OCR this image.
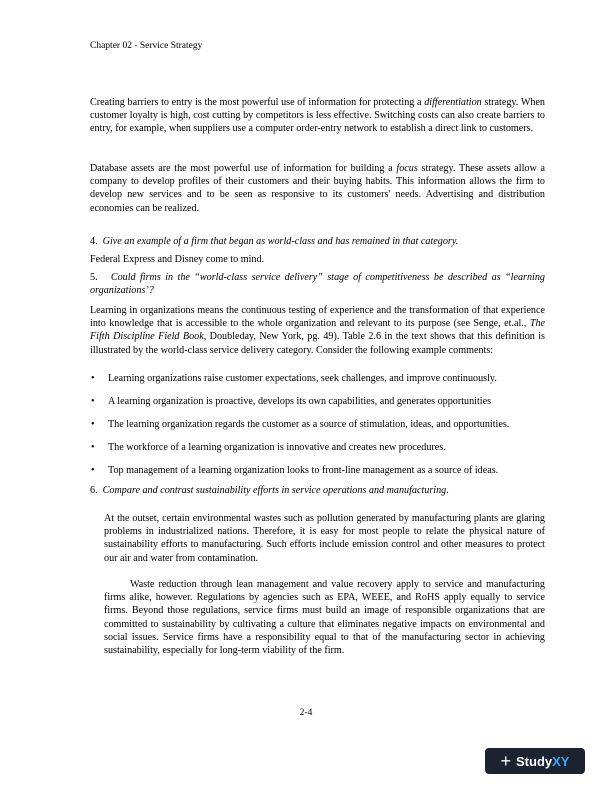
Chapter 02 - Service Strategy

Creating barriers to entry is the most powerful use of information for protecting a differentiation strategy. When customer loyalty is high, cost cutting by competitors is less effective. Switching costs can also create barriers to entry, for example, when suppliers use a computer order-entry network to establish a direct link to customers.

Database assets are the most powerful use of information for building a focus strategy. These assets allow a company to develop profiles of their customers and their buying habits. This information allows the firm to develop new services and to be seen as responsive to its customers' needs. Advertising and distribution economies can be realized.

4. Give an example of a firm that began as world-class and has remained in that category.

Federal Express and Disney come to mind.

5. Could firms in the “world-class service delivery” stage of competitiveness be described as “learning organizations’?

Learning in organizations means the continuous testing of experience and the transformation of that experience into knowledge that is accessible to the whole organization and relevant to its purpose (see Senge, et.al., The Fifth Discipline Field Book, Doubleday, New York, pg. 49). Table 2.6 in the text shows that this definition is illustrated by the world-class service delivery category. Consider the following example comments:

• Learning organizations raise customer expectations, seek challenges, and improve continuously.
• A learning organization is proactive, develops its own capabilities, and generates opportunities
• The learning organization regards the customer as a source of stimulation, ideas, and opportunities.
• The workforce of a learning organization is innovative and creates new procedures.
• Top management of a learning organization looks to front-line management as a source of ideas.

6. Compare and contrast sustainability efforts in service operations and manufacturing.

At the outset, certain environmental wastes such as pollution generated by manufacturing plants are glaring problems in industrialized nations. Therefore, it is easy for most people to relate the physical nature of sustainability efforts to manufacturing. Such efforts include emission control and other measures to protect our air and water from contamination.

Waste reduction through lean management and value recovery apply to service and manufacturing firms alike, however. Regulations by agencies such as EPA, WEEE, and RoHS apply equally to service firms. Beyond those regulations, service firms must build an image of responsible organizations that are committed to sustainability by cultivating a culture that eliminates negative impacts on environmental and social issues. Service firms have a responsibility equal to that of the manufacturing sector in achieving sustainability, especially for long-term viability of the firm.

2-4
+ Study XY
